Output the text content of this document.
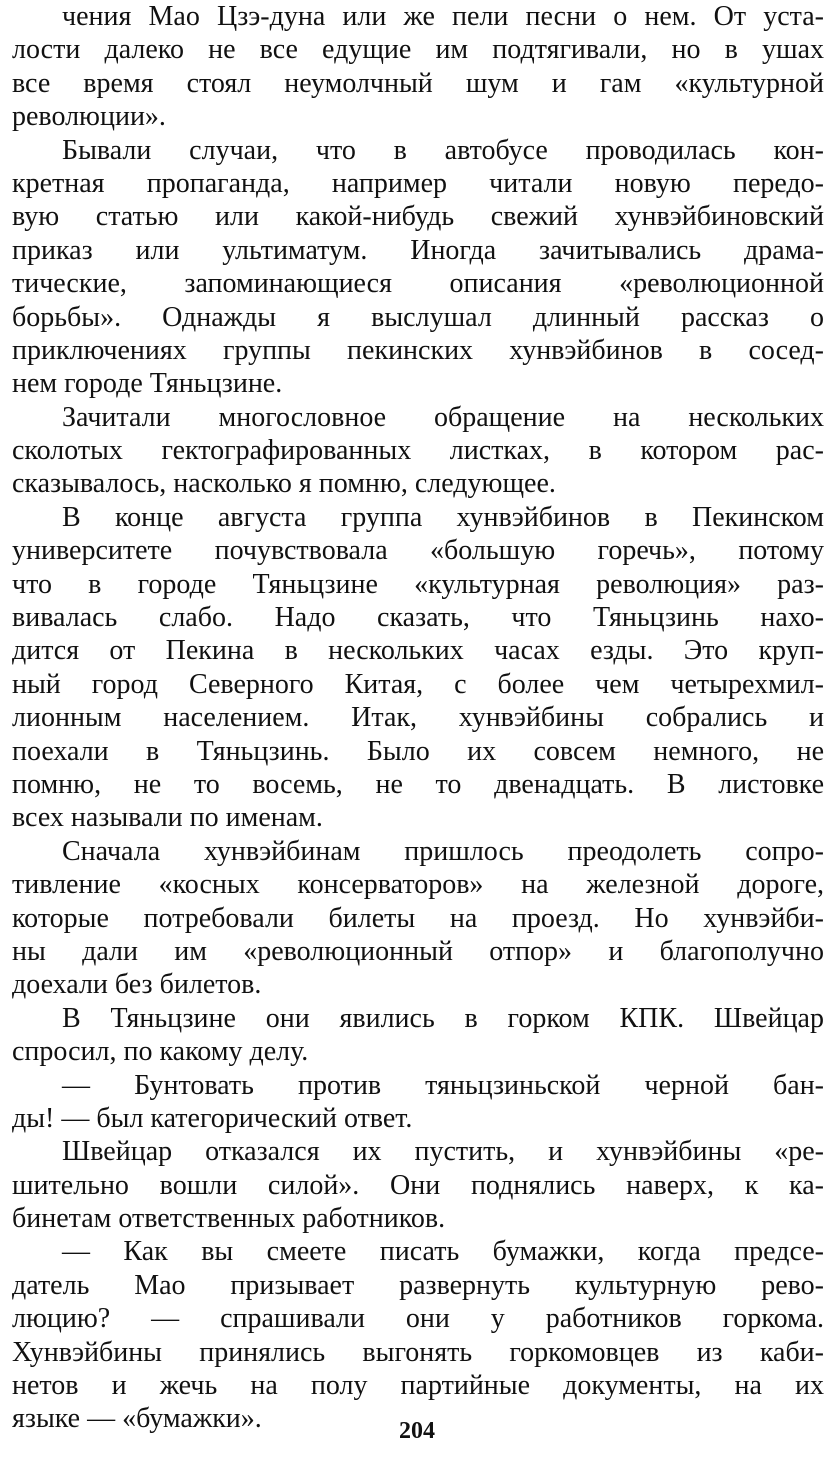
чения Мао Цзэ-дуна или же пели песни о нем. От уста-
лости далеко не все едущие им подтягивали, но в ушах
все время стоял неумолчный шум и гам «культурной
революции».
Бывали случаи, что в автобусе проводилась кон-
кретная пропаганда, например читали новую передо-
вую статью или какой-нибудь свежий хунвэйбиновский
приказ или ультиматум. Иногда зачитывались драма-
тические, запоминающиеся описания «революционной
борьбы». Однажды я выслушал длинный рассказ о
приключениях группы пекинских хунвэйбинов в сосед-
нем городе Тяньцзине.
Зачитали многословное обращение на нескольких
сколотых гектографированных листках, в котором рас-
сказывалось, насколько я помню, следующее.
В конце августа группа хунвэйбинов в Пекинском
университете почувствовала «большую горечь», потому
что в городе Тяньцзине «культурная революция» раз-
вивалась слабо. Надо сказать, что Тяньцзинь нахо-
дится от Пекина в нескольких часах езды. Это круп-
ный город Северного Китая, с более чем четырехмил-
лионным населением. Итак, хунвэйбины собрались и
поехали в Тяньцзинь. Было их совсем немного, не
помню, не то восемь, не то двенадцать. В листовке
всех называли по именам.
Сначала хунвэйбинам пришлось преодолеть сопро-
тивление «косных консерваторов» на железной дороге,
которые потребовали билеты на проезд. Но хунвэйби-
ны дали им «революционный отпор» и благополучно
доехали без билетов.
В Тяньцзине они явились в горком КПК. Швейцар
спросил, по какому делу.
— Бунтовать против тяньцзиньской черной бан-
ды! — был категорический ответ.
Швейцар отказался их пустить, и хунвэйбины «ре-
шительно вошли силой». Они поднялись наверх, к ка-
бинетам ответственных работников.
— Как вы смеете писать бумажки, когда предсе-
датель Мао призывает развернуть культурную рево-
люцию? — спрашивали они у работников горкома.
Хунвэйбины принялись выгонять горкомовцев из каби-
нетов и жечь на полу партийные документы, на их
языке — «бумажки».	204
